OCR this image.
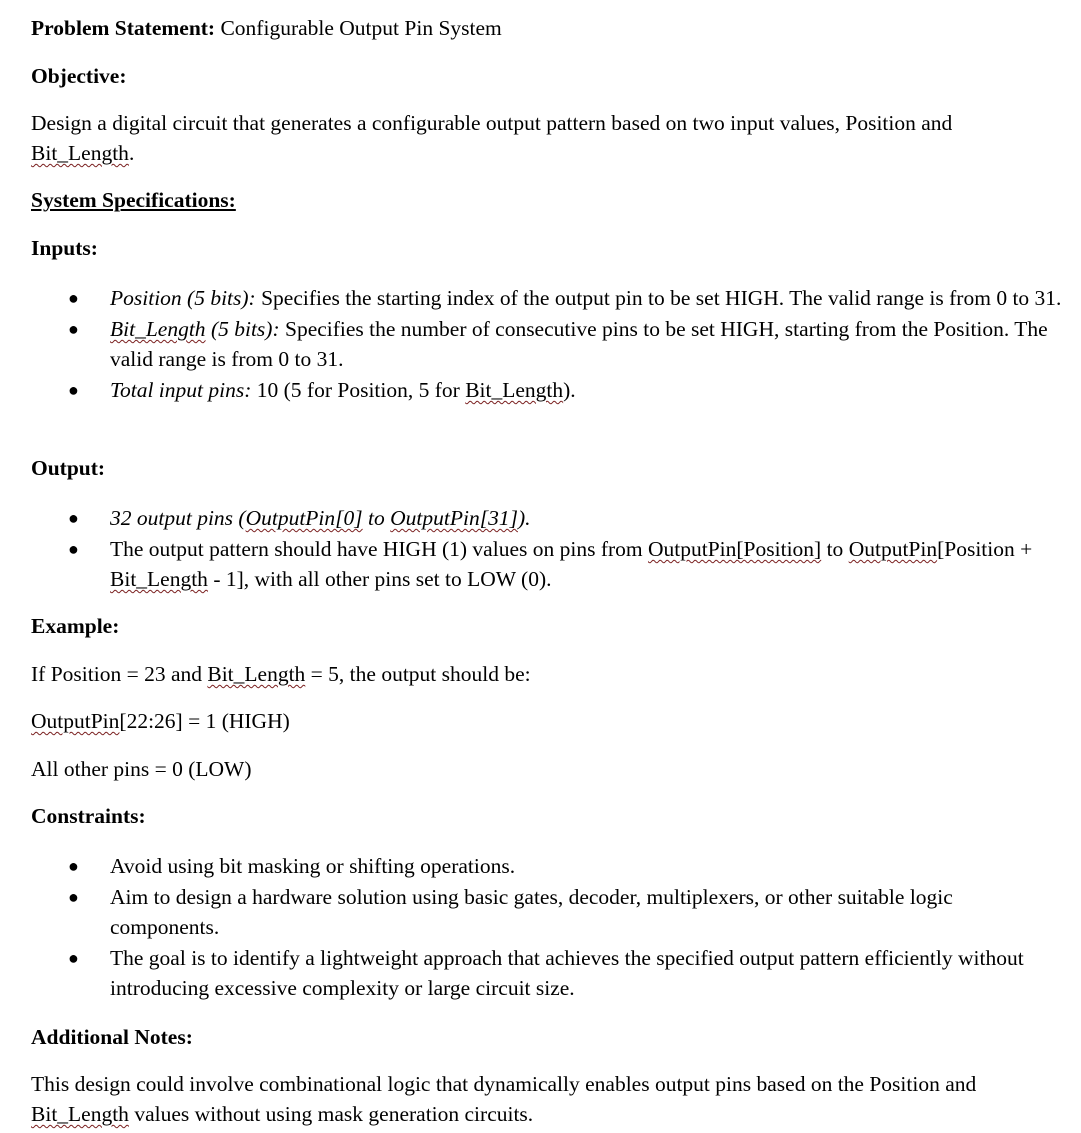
Problem Statement: Configurable Output Pin System
Objective:
Design a digital circuit that generates a configurable output pattern based on two input values, Position and Bit_Length.
System Specifications:
Inputs:
● Position (5 bits): Specifies the starting index of the output pin to be set HIGH. The valid range is from 0 to 31.
● Bit_Length (5 bits): Specifies the number of consecutive pins to be set HIGH, starting from the Position. The valid range is from 0 to 31.
● Total input pins: 10 (5 for Position, 5 for Bit_Length).
Output:
● 32 output pins (OutputPin[0] to OutputPin[31]).
● The output pattern should have HIGH (1) values on pins from OutputPin[Position] to OutputPin[Position + Bit_Length - 1], with all other pins set to LOW (0).
Example:
If Position = 23 and Bit_Length = 5, the output should be:
OutputPin[22:26] = 1 (HIGH)
All other pins = 0 (LOW)
Constraints:
● Avoid using bit masking or shifting operations.
● Aim to design a hardware solution using basic gates, decoder, multiplexers, or other suitable logic components.
● The goal is to identify a lightweight approach that achieves the specified output pattern efficiently without introducing excessive complexity or large circuit size.
Additional Notes:
This design could involve combinational logic that dynamically enables output pins based on the Position and Bit_Length values without using mask generation circuits.
